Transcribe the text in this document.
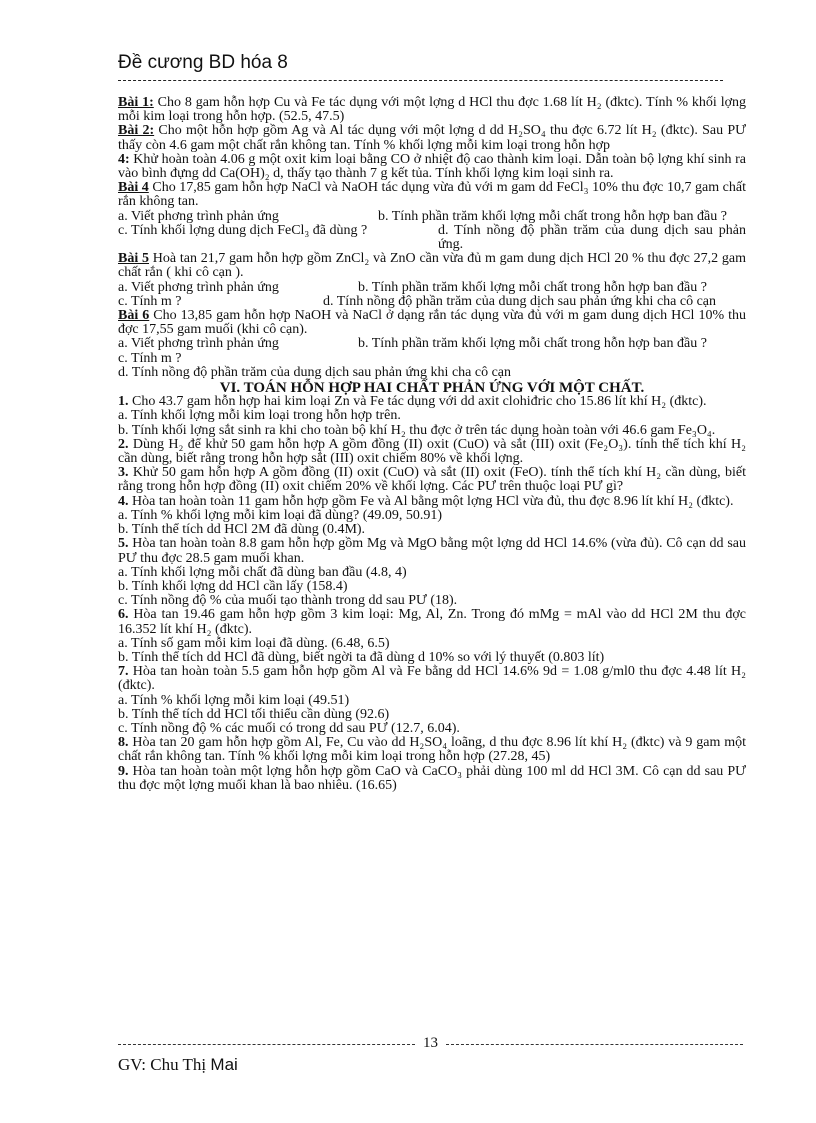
Đề cương BD hóa 8

Bài 1: Cho 8 gam hỗn hợp Cu và Fe tác dụng với một lợng d HCl thu đợc 1.68 lít H₂ (đktc). Tính % khối lợng mỗi kim loại trong hỗn hợp. (52.5, 47.5)

Bài 2: Cho một hỗn hợp gồm Ag và Al tác dụng với một lợng d dd H₂SO₄ thu đợc 6.72 lít H₂ (đktc). Sau PƯ thấy còn 4.6 gam một chất rắn không tan. Tính % khối lợng mỗi kim loại trong hỗn hợp

4: Khử hoàn toàn 4.06 g một oxit kim loại bằng CO ở nhiệt độ cao thành kim loại. Dẫn toàn bộ lợng khí sinh ra vào bình đựng dd Ca(OH)₂ d, thấy tạo thành 7 g kết tủa. Tính khối lợng kim loại sinh ra.

Bài 4 Cho 17,85 gam hỗn hợp NaCl và NaOH tác dụng vừa đủ với m gam dd FeCl₃ 10% thu đợc 10,7 gam chất rắn không tan.

a. Viết phơng trình phản ứng	b. Tính phần trăm khối lợng mỗi chất trong hỗn hợp ban đầu ?
c. Tính khối lợng dung dịch FeCl₃ đã dùng ?	d. Tính nồng độ phần trăm của dung dịch sau phản ứng.

Bài 5 Hoà tan 21,7 gam hỗn hợp gồm ZnCl₂ và ZnO cần vừa đủ m gam dung dịch HCl 20 % thu đợc 27,2 gam chất rắn ( khi cô cạn ).

a. Viết phơng trình phản ứng	b. Tính phần trăm khối lợng mỗi chất trong hỗn hợp ban đầu ?
c. Tính m ?	d. Tính nồng độ phần trăm của dung dịch sau phản ứng khi cha cô cạn

Bài 6 Cho 13,85 gam hỗn hợp NaOH và NaCl ở dạng rắn tác dụng vừa đủ với m gam dung dịch HCl 10% thu đợc 17,55 gam muối (khi cô cạn).

a. Viết phơng trình phản ứng	b. Tính phần trăm khối lợng mỗi chất trong hỗn hợp ban đầu ?

c. Tính m ?

d. Tính nồng độ phần trăm của dung dịch sau phản ứng khi cha cô cạn

VI. TOÁN HỖN HỢP HAI CHẤT PHẢN ỨNG VỚI MỘT CHẤT.

1. Cho 43.7 gam hỗn hợp hai kim loại Zn và Fe tác dụng với dd axit clohiđric cho 15.86 lít khí H₂ (đktc).

a. Tính khối lợng mỗi kim loại trong hỗn hợp trên.

b. Tính khối lợng sắt sinh ra khi cho toàn bộ khí H₂ thu đợc ở trên tác dụng hoàn toàn với 46.6 gam Fe₃O₄.

2. Dùng H₂ để khử 50 gam hỗn hợp A gồm đồng (II) oxit (CuO) và sắt (III) oxit (Fe₂O₃). tính thể tích khí H₂ cần dùng, biết rằng trong hỗn hợp sắt (III) oxit chiếm 80% về khối lợng.

3. Khử 50 gam hỗn hợp A gồm đồng (II) oxit (CuO) và sắt (II) oxit (FeO). tính thể tích khí H₂ cần dùng, biết rằng trong hỗn hợp đồng (II) oxit chiếm 20% về khối lợng. Các PƯ trên thuộc loại PƯ gì?

4. Hòa tan hoàn toàn 11 gam hỗn hợp gồm Fe và Al bằng một lợng HCl vừa đủ, thu đợc 8.96 lít khí H₂ (đktc).

a. Tính % khối lợng mỗi kim loại đã dùng? (49.09, 50.91)

b. Tính thể tích dd HCl 2M đã dùng (0.4M).

5. Hòa tan hoàn toàn 8.8 gam hỗn hợp gồm Mg và MgO bằng một lợng dd HCl 14.6% (vừa đủ). Cô cạn dd sau PƯ thu đợc 28.5 gam muối khan.

a. Tính khối lợng mỗi chất đã dùng ban đầu (4.8, 4)

b. Tính khối lợng dd HCl cần lấy (158.4)

c. Tính nồng độ % của muối tạo thành trong dd sau PƯ (18).

6. Hòa tan 19.46 gam hỗn hợp gồm 3 kim loại: Mg, Al, Zn. Trong đó mMg = mAl vào dd HCl 2M thu đợc 16.352 lít khí H₂ (đktc).

a. Tính số gam mỗi kim loại đã dùng. (6.48, 6.5)

b. Tính thể tích dd HCl đã dùng, biết ngời ta đã dùng d 10% so với lý thuyết (0.803 lít)

7. Hòa tan hoàn toàn 5.5 gam hỗn hợp gồm Al và Fe bằng dd HCl 14.6% 9d = 1.08 g/ml0 thu đợc 4.48 lít H₂ (đktc).

a. Tính % khối lợng mỗi kim loại (49.51)

b. Tính thể tích dd HCl tối thiểu cần dùng (92.6)

c. Tính nồng độ % các muối có trong dd sau PƯ (12.7, 6.04).

8. Hòa tan 20 gam hỗn hợp gồm Al, Fe, Cu vào dd H₂SO₄ loãng, d thu đợc 8.96 lít khí H₂ (đktc) và 9 gam một chất rắn không tan. Tính % khối lợng mỗi kim loại trong hỗn hợp (27.28, 45)

9. Hòa tan hoàn toàn một lợng hỗn hợp gồm CaO và CaCO₃ phải dùng 100 ml dd HCl 3M. Cô cạn dd sau PƯ thu đợc một lợng muối khan là bao nhiêu. (16.65)

13
GV: Chu Thị Mai
